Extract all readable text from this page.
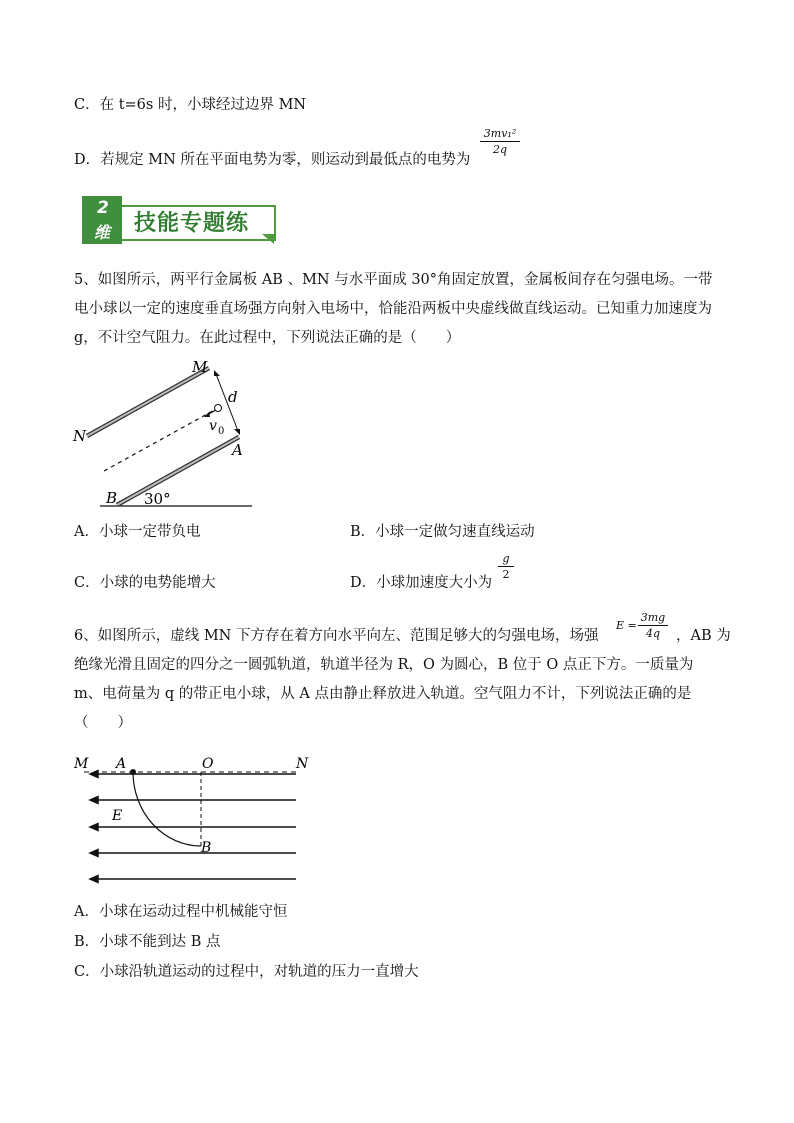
C．在 t=6s 时，小球经过边界 MN
D．若规定 MN 所在平面电势为零，则运动到最低点的电势为
3mv₁²
2q
2
维 技能专题练
5、如图所示，两平行金属板 AB 、MN 与水平面成 30°角固定放置，金属板间存在匀强电场。一带电小球以一定的速度垂直场强方向射入电场中，恰能沿两板中央虚线做直线运动。已知重力加速度为 g，不计空气阻力。在此过程中，下列说法正确的是（　　）
M
N
d
v 0
A
B 30°
A．小球一定带负电	B．小球一定做匀速直线运动
C．小球的电势能增大	D．小球加速度大小为
g
2
6、如图所示，虚线 MN 下方存在着方向水平向左、范围足够大的匀强电场，场强
E =
3mg
4q	，AB 为
绝缘光滑且固定的四分之一圆弧轨道，轨道半径为 R，O 为圆心，B 位于 O 点正下方。一质量为
m、电荷量为 q 的带正电小球，从 A 点由静止释放进入轨道。空气阻力不计，下列说法正确的是
（　　）
M A	O	N
E
B
A．小球在运动过程中机械能守恒
B．小球不能到达 B 点
C．小球沿轨道运动的过程中，对轨道的压力一直增大
